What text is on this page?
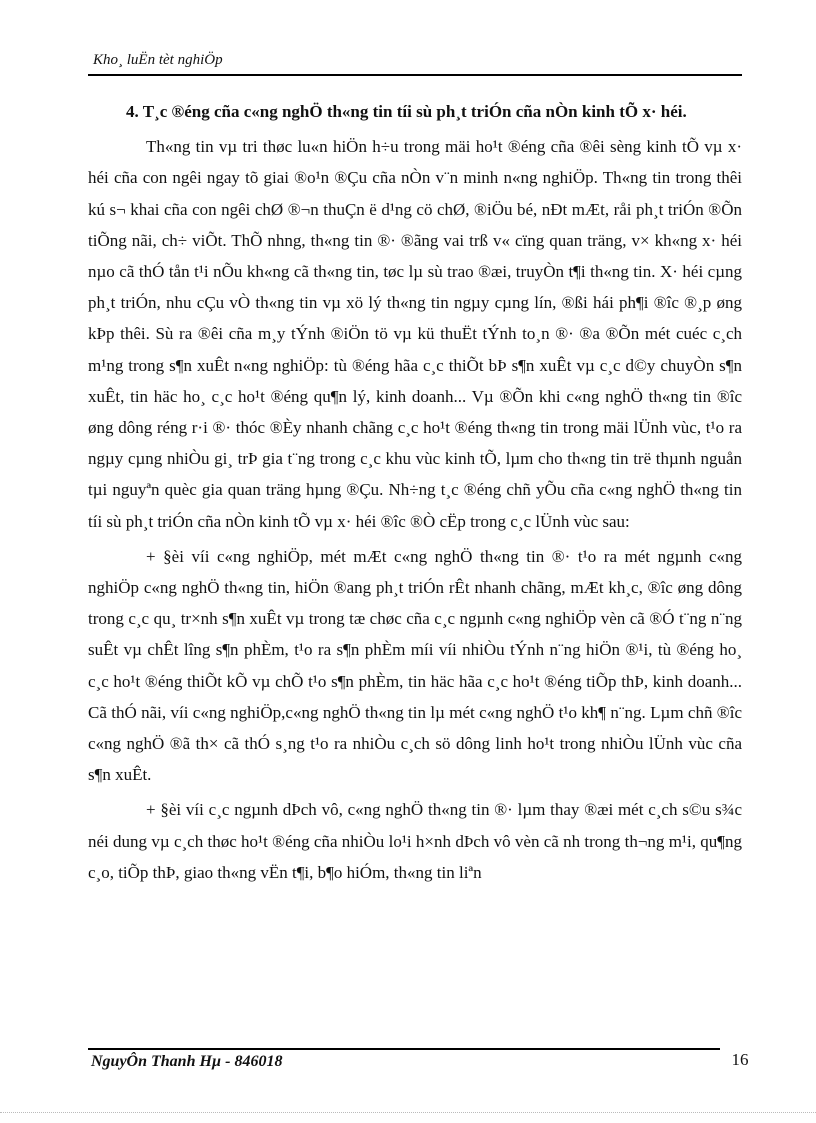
Kho¸ luËn tèt nghiÖp

4. T¸c ®éng cña c«ng nghÖ th«ng tin tíi sù ph¸t triÓn cña nÒn kinh tÕ x· héi.

Th«ng tin vµ tri thøc lu«n hiÖn h÷u trong mäi ho¹t ®éng cña ®êi sèng kinh tÕ vµ x· héi cña con ngêi ngay tõ giai ®o¹n ®Çu cña nÒn v¨n minh n«ng nghiÖp. Th«ng tin trong thêi kú s¬ khai cña con ngêi chØ ®¬n thuÇn ë d¹ng cö chØ, ®iÖu bé, nÐt mÆt, råi ph¸t triÓn ®Õn tiÕng nãi, ch÷ viÕt. ThÕ nhng, th«ng tin ®· ®ãng vai trß v« cïng quan träng, v× kh«ng x· héi nµo cã thÓ tån t¹i nÕu kh«ng cã th«ng tin, tøc lµ sù trao ®æi, truyÒn t¶i th«ng tin. X· héi cµng ph¸t triÓn, nhu cÇu vÒ th«ng tin vµ xö lý th«ng tin ngµy cµng lín, ®ßi hái ph¶i ®îc ®¸p øng kÞp thêi. Sù ra ®êi cña m¸y tÝnh ®iÖn tö vµ kü thuËt tÝnh to¸n ®· ®a ®Õn mét cuéc c¸ch m¹ng trong s¶n xuÊt n«ng nghiÖp: tù ®éng hãa c¸c thiÕt bÞ s¶n xuÊt vµ c¸c d©y chuyÒn s¶n xuÊt, tin häc ho¸ c¸c ho¹t ®éng qu¶n lý, kinh doanh... Vµ ®Õn khi c«ng nghÖ th«ng tin ®îc øng dông réng r·i ®· thóc ®Èy nhanh chãng c¸c ho¹t ®éng th«ng tin trong mäi lÜnh vùc, t¹o ra ngµy cµng nhiÒu gi¸ trÞ gia t¨ng trong c¸c khu vùc kinh tÕ, lµm cho th«ng tin trë thµnh nguån tµi nguyªn quèc gia quan träng hµng ®Çu. Nh÷ng t¸c ®éng chñ yÕu cña c«ng nghÖ th«ng tin tíi sù ph¸t triÓn cña nÒn kinh tÕ vµ x· héi ®îc ®Ò cËp trong c¸c lÜnh vùc sau:

+ §èi víi c«ng nghiÖp, mét mÆt c«ng nghÖ th«ng tin ®· t¹o ra mét ngµnh c«ng nghiÖp c«ng nghÖ th«ng tin, hiÖn ®ang ph¸t triÓn rÊt nhanh chãng, mÆt kh¸c, ®îc øng dông trong c¸c qu¸ tr×nh s¶n xuÊt vµ trong tæ chøc cña c¸c ngµnh c«ng nghiÖp vèn cã ®Ó t¨ng n¨ng suÊt vµ chÊt lîng s¶n phÈm, t¹o ra s¶n phÈm míi víi nhiÒu tÝnh n¨ng hiÖn ®¹i, tù ®éng ho¸ c¸c ho¹t ®éng thiÕt kÕ vµ chÕ t¹o s¶n phÈm, tin häc hãa c¸c ho¹t ®éng tiÕp thÞ, kinh doanh... Cã thÓ nãi, víi c«ng nghiÖp,c«ng nghÖ th«ng tin lµ mét c«ng nghÖ t¹o kh¶ n¨ng. Lµm chñ ®îc c«ng nghÖ ®ã th× cã thÓ s¸ng t¹o ra nhiÒu c¸ch sö dông linh ho¹t trong nhiÒu lÜnh vùc cña s¶n xuÊt.

+ §èi víi c¸c ngµnh dÞch vô, c«ng nghÖ th«ng tin ®· lµm thay ®æi mét c¸ch s©u s¾c néi dung vµ c¸ch thøc ho¹t ®éng cña nhiÒu lo¹i h×nh dÞch vô vèn cã nh trong th¬ng m¹i, qu¶ng c¸o, tiÕp thÞ, giao th«ng vËn t¶i, b¶o hiÓm, th«ng tin liªn

NguyÔn Thanh Hµ - 846018	16
